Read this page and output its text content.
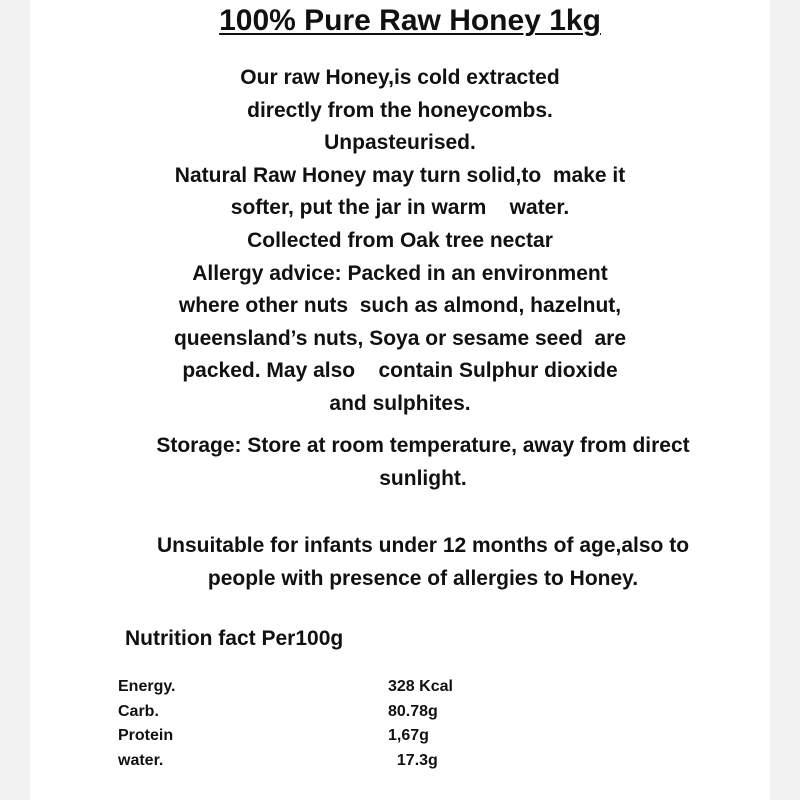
100% Pure Raw Honey 1kg
Our raw Honey,is cold extracted
directly from the honeycombs.
Unpasteurised.
Natural Raw Honey may turn solid,to  make it
softer, put the jar in warm    water.
Collected from Oak tree nectar
Allergy advice: Packed in an environment
where other nuts  such as almond, hazelnut,
queensland’s nuts, Soya or sesame seed  are
packed. May also    contain Sulphur dioxide
and sulphites.
Storage: Store at room temperature, away from direct
sunlight.
Unsuitable for infants under 12 months of age,also to
people with presence of allergies to Honey.
Nutrition fact Per100g
Energy.	328 Kcal
Carb.	80.78g
Protein	1,67g
water.	17.3g
